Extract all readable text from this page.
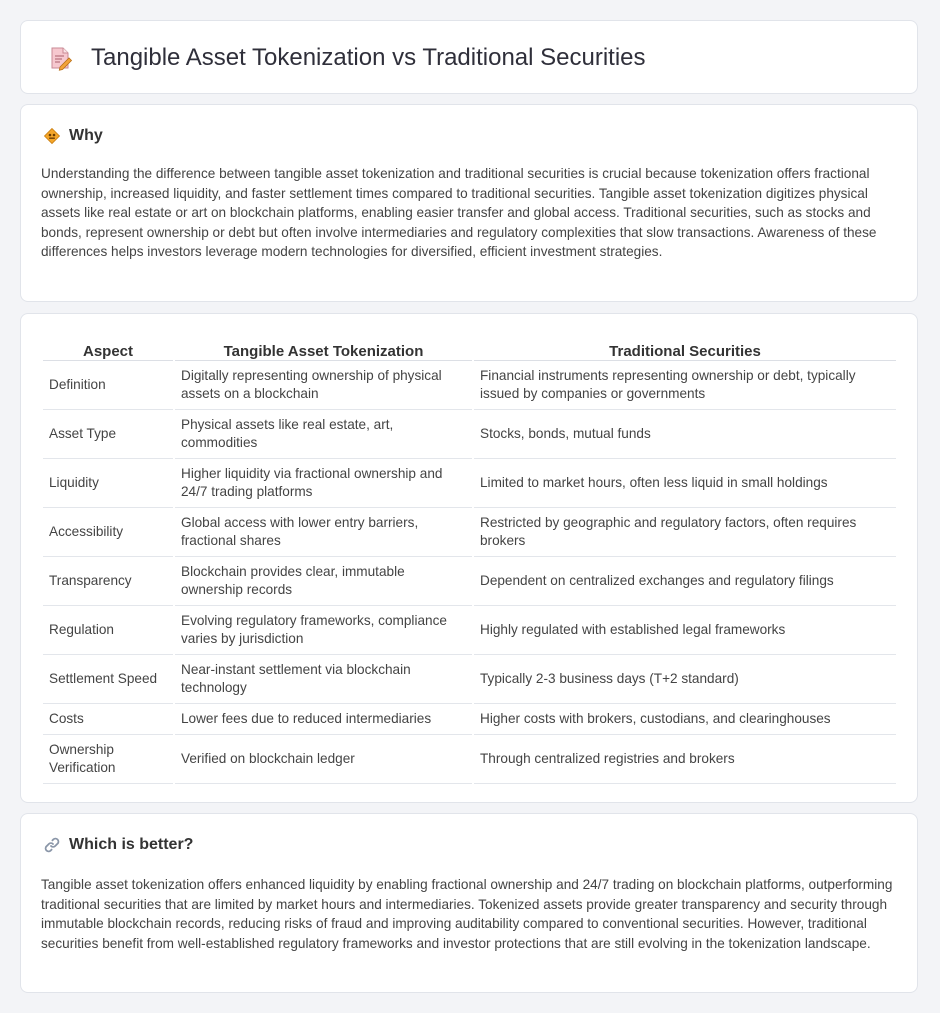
Tangible Asset Tokenization vs Traditional Securities
Why

Understanding the difference between tangible asset tokenization and traditional securities is crucial because tokenization offers fractional ownership, increased liquidity, and faster settlement times compared to traditional securities. Tangible asset tokenization digitizes physical assets like real estate or art on blockchain platforms, enabling easier transfer and global access. Traditional securities, such as stocks and bonds, represent ownership or debt but often involve intermediaries and regulatory complexities that slow transactions. Awareness of these differences helps investors leverage modern technologies for diversified, efficient investment strategies.

Aspect	Tangible Asset Tokenization	Traditional Securities
Definition	Digitally representing ownership of physical assets on a blockchain	Financial instruments representing ownership or debt, typically issued by companies or governments
Asset Type	Physical assets like real estate, art, commodities	Stocks, bonds, mutual funds
Liquidity	Higher liquidity via fractional ownership and 24/7 trading platforms	Limited to market hours, often less liquid in small holdings
Accessibility	Global access with lower entry barriers, fractional shares	Restricted by geographic and regulatory factors, often requires brokers
Transparency	Blockchain provides clear, immutable ownership records	Dependent on centralized exchanges and regulatory filings
Regulation	Evolving regulatory frameworks, compliance varies by jurisdiction	Highly regulated with established legal frameworks
Settlement Speed	Near-instant settlement via blockchain technology	Typically 2-3 business days (T+2 standard)
Costs	Lower fees due to reduced intermediaries	Higher costs with brokers, custodians, and clearinghouses
Ownership Verification	Verified on blockchain ledger	Through centralized registries and brokers
Which is better?

Tangible asset tokenization offers enhanced liquidity by enabling fractional ownership and 24/7 trading on blockchain platforms, outperforming traditional securities that are limited by market hours and intermediaries. Tokenized assets provide greater transparency and security through immutable blockchain records, reducing risks of fraud and improving auditability compared to conventional securities. However, traditional securities benefit from well-established regulatory frameworks and investor protections that are still evolving in the tokenization landscape.
